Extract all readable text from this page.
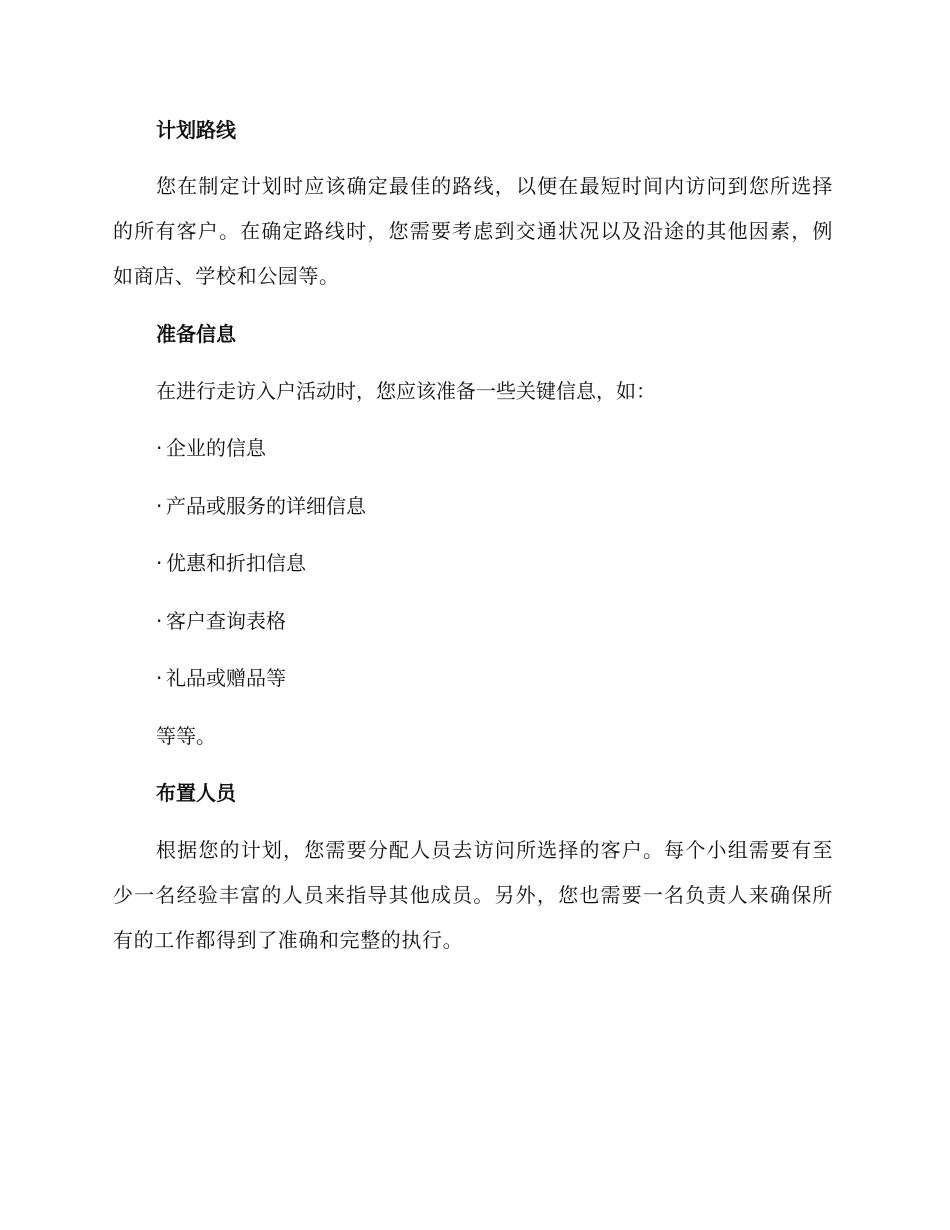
计划路线
您在制定计划时应该确定最佳的路线，以便在最短时间内访问到您所选择的所有客户。在确定路线时，您需要考虑到交通状况以及沿途的其他因素，例如商店、学校和公园等。
准备信息
在进行走访入户活动时，您应该准备一些关键信息，如：
· 企业的信息
· 产品或服务的详细信息
· 优惠和折扣信息
· 客户查询表格
· 礼品或赠品等
等等。
布置人员
根据您的计划，您需要分配人员去访问所选择的客户。每个小组需要有至少一名经验丰富的人员来指导其他成员。另外，您也需要一名负责人来确保所有的工作都得到了准确和完整的执行。
